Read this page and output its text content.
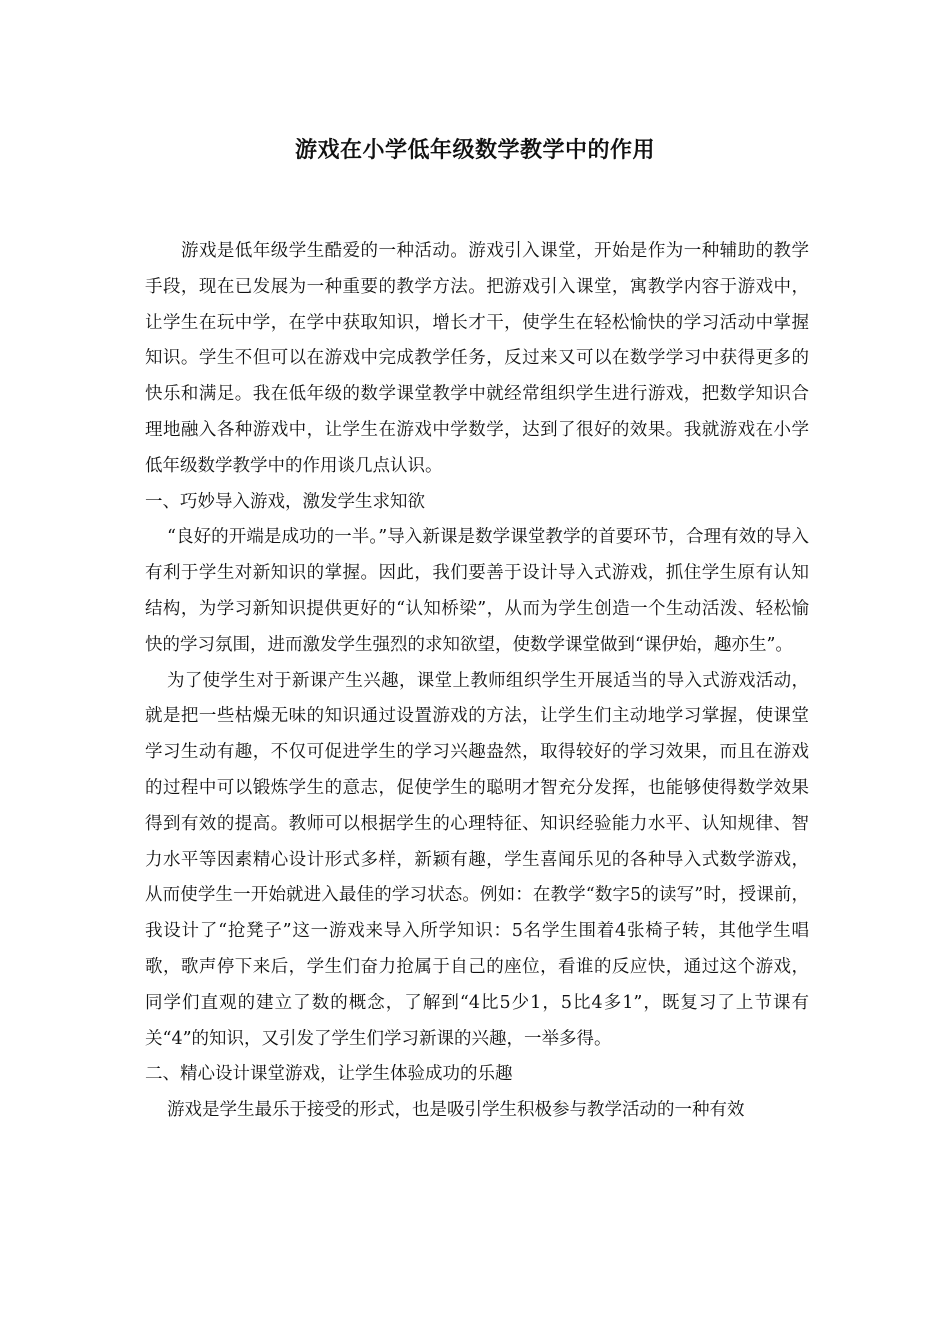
游戏在小学低年级数学教学中的作用

游戏是低年级学生酷爱的一种活动。游戏引入课堂，开始是作为一种辅助的教学手段，现在已发展为一种重要的教学方法。把游戏引入课堂，寓教学内容于游戏中，让学生在玩中学，在学中获取知识，增长才干，使学生在轻松愉快的学习活动中掌握知识。学生不但可以在游戏中完成教学任务，反过来又可以在数学学习中获得更多的快乐和满足。我在低年级的数学课堂教学中就经常组织学生进行游戏，把数学知识合理地融入各种游戏中，让学生在游戏中学数学，达到了很好的效果。我就游戏在小学低年级数学教学中的作用谈几点认识。

一、巧妙导入游戏，激发学生求知欲

“良好的开端是成功的一半。”导入新课是数学课堂教学的首要环节，合理有效的导入有利于学生对新知识的掌握。因此，我们要善于设计导入式游戏，抓住学生原有认知结构，为学习新知识提供更好的“认知桥梁”，从而为学生创造一个生动活泼、轻松愉快的学习氛围，进而激发学生强烈的求知欲望，使数学课堂做到“课伊始，趣亦生”。

为了使学生对于新课产生兴趣，课堂上教师组织学生开展适当的导入式游戏活动，就是把一些枯燥无味的知识通过设置游戏的方法，让学生们主动地学习掌握，使课堂学习生动有趣，不仅可促进学生的学习兴趣盎然，取得较好的学习效果，而且在游戏的过程中可以锻炼学生的意志，促使学生的聪明才智充分发挥，也能够使得数学效果得到有效的提高。教师可以根据学生的心理特征、知识经验能力水平、认知规律、智力水平等因素精心设计形式多样，新颖有趣，学生喜闻乐见的各种导入式数学游戏，从而使学生一开始就进入最佳的学习状态。例如：在教学“数字5的读写”时，授课前，我设计了“抢凳子”这一游戏来导入所学知识：5名学生围着4张椅子转，其他学生唱歌，歌声停下来后，学生们奋力抢属于自己的座位，看谁的反应快，通过这个游戏，同学们直观的建立了数的概念，了解到“4比5少1，5比4多1”，既复习了上节课有关“4”的知识，又引发了学生们学习新课的兴趣，一举多得。

二、精心设计课堂游戏，让学生体验成功的乐趣

游戏是学生最乐于接受的形式，也是吸引学生积极参与教学活动的一种有效
